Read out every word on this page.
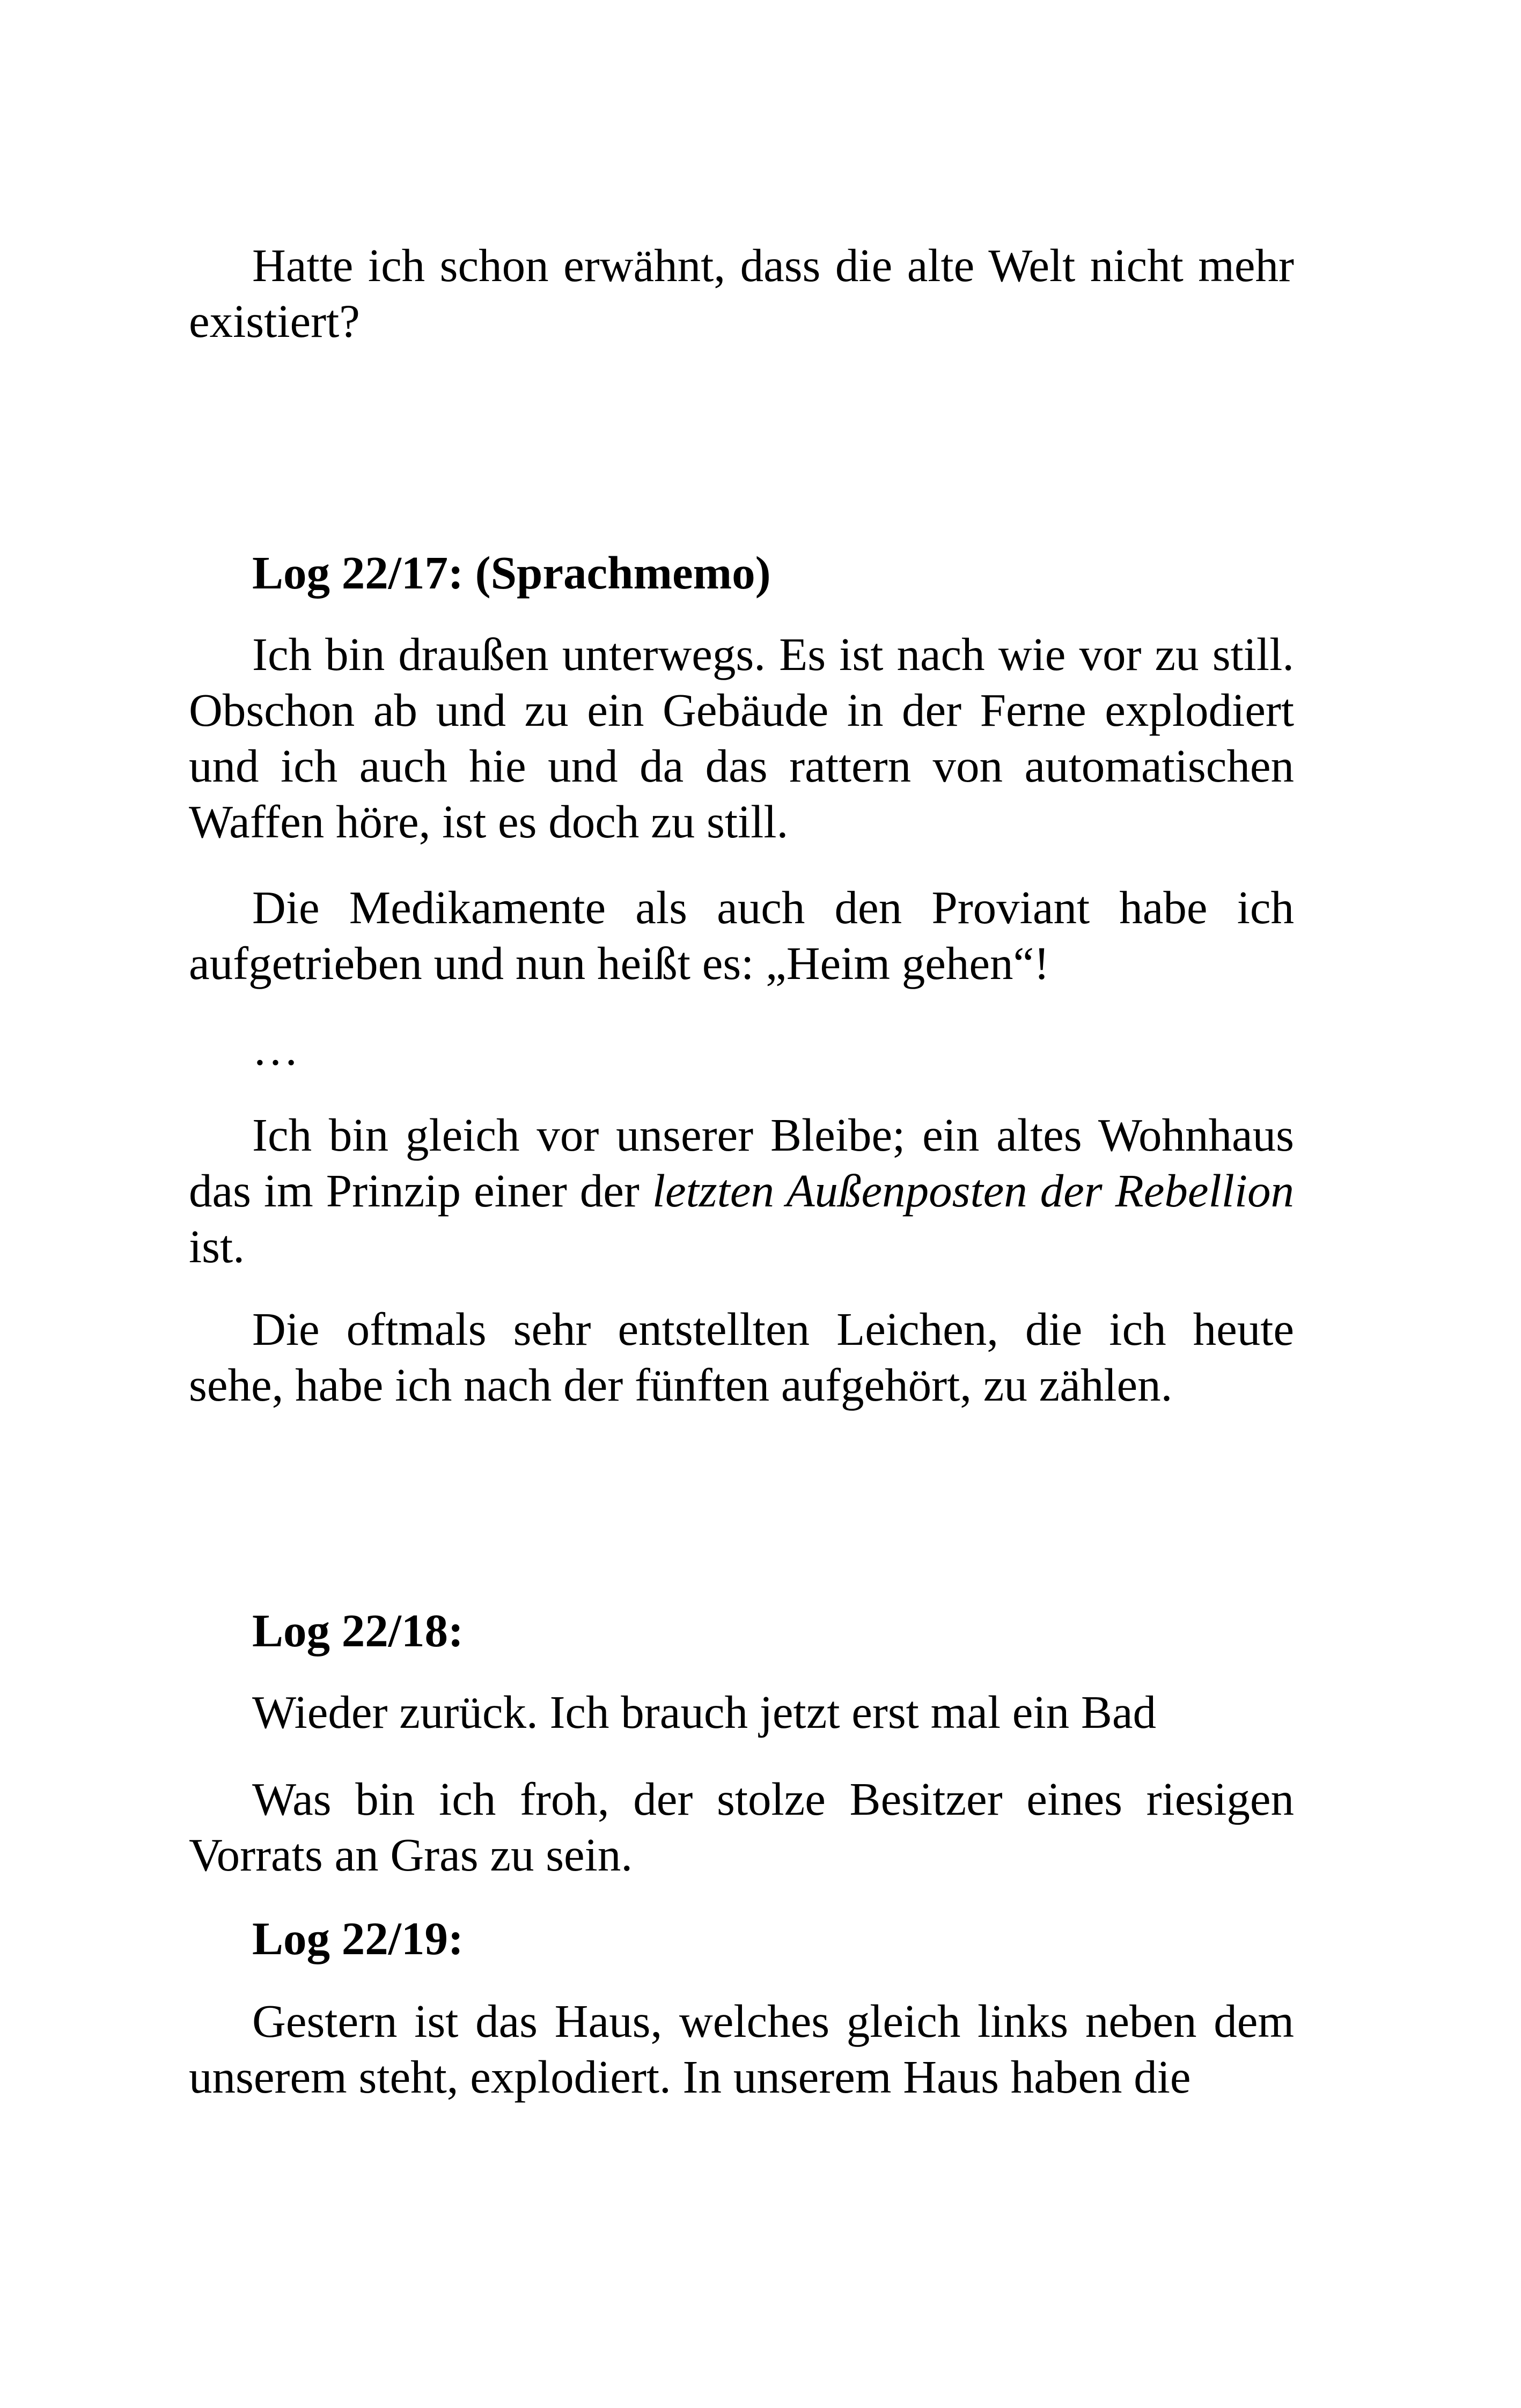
Hatte ich schon erwähnt, dass die alte Welt nicht mehr existiert?
Log 22/17: (Sprachmemo)
Ich bin draußen unterwegs. Es ist nach wie vor zu still. Obschon ab und zu ein Gebäude in der Ferne explodiert und ich auch hie und da das rattern von automatischen Waffen höre, ist es doch zu still.
Die Medikamente als auch den Proviant habe ich aufgetrieben und nun heißt es: „Heim gehen“!
…
Ich bin gleich vor unserer Bleibe; ein altes Wohnhaus das im Prinzip einer der letzten Außenposten der Rebellion ist.
Die oftmals sehr entstellten Leichen, die ich heute sehe, habe ich nach der fünften aufgehört, zu zählen.
Log 22/18:
Wieder zurück. Ich brauch jetzt erst mal ein Bad
Was bin ich froh, der stolze Besitzer eines riesigen Vorrats an Gras zu sein.
Log 22/19:
Gestern ist das Haus, welches gleich links neben dem unserem steht, explodiert. In unserem Haus haben die
